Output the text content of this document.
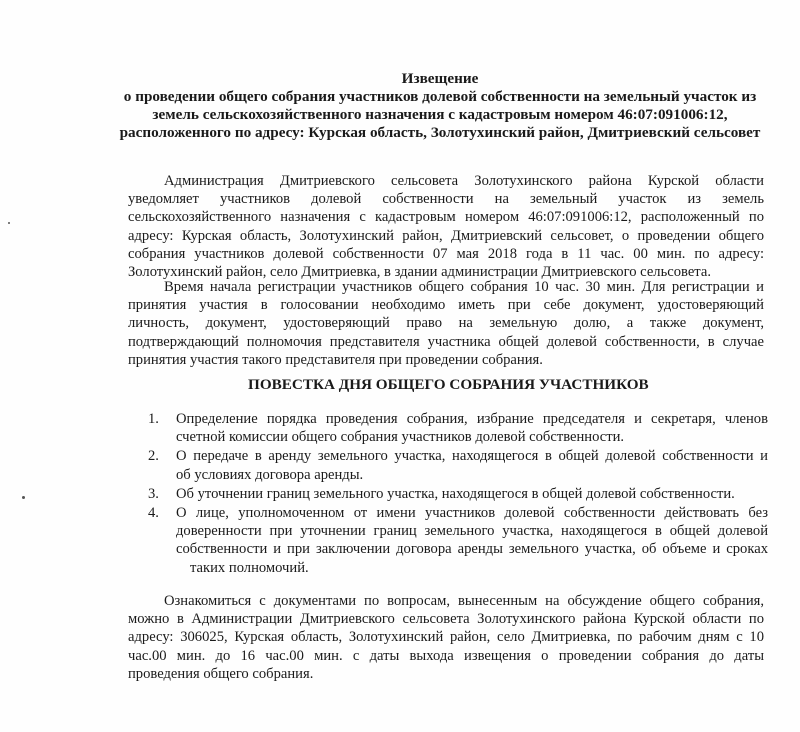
Извещение
о проведении общего собрания участников долевой собственности на земельный участок из
земель сельскохозяйственного назначения с кадастровым номером 46:07:091006:12,
расположенного по адресу: Курская область, Золотухинский район, Дмитриевский сельсовет
Администрация Дмитриевского сельсовета Золотухинского района Курской области
уведомляет участников долевой собственности на земельный участок из земель
сельскохозяйственного назначения с кадастровым номером 46:07:091006:12, расположенный по
адресу: Курская область, Золотухинский район, Дмитриевский сельсовет, о проведении общего
собрания участников долевой собственности 07 мая 2018 года в 11 час. 00 мин. по адресу:
Золотухинский район, село Дмитриевка, в здании администрации Дмитриевского сельсовета.
Время начала регистрации участников общего собрания 10 час. 30 мин. Для регистрации и
принятия участия в голосовании необходимо иметь при себе документ, удостоверяющий
личность, документ, удостоверяющий право на земельную долю, а также документ,
подтверждающий полномочия представителя участника общей долевой собственности, в случае
принятия участия такого представителя при проведении собрания.
ПОВЕСТКА ДНЯ ОБЩЕГО СОБРАНИЯ УЧАСТНИКОВ
1. Определение порядка проведения собрания, избрание председателя и секретаря, членов
счетной комиссии общего собрания участников долевой собственности.
2. О передаче в аренду земельного участка, находящегося в общей долевой собственности и
об условиях договора аренды.
3. Об уточнении границ земельного участка, находящегося в общей долевой собственности.
4. О лице, уполномоченном от имени участников долевой собственности действовать без
доверенности при уточнении границ земельного участка, находящегося в общей долевой
собственности и при заключении договора аренды земельного участка, об объеме и сроках
таких полномочий.
Ознакомиться с документами по вопросам, вынесенным на обсуждение общего собрания,
можно в Администрации Дмитриевского сельсовета Золотухинского района Курской области по
адресу: 306025, Курская область, Золотухинский район, село Дмитриевка, по рабочим дням с 10
час.00 мин. до 16 час.00 мин. с даты выхода извещения о проведении собрания до даты
проведения общего собрания.
